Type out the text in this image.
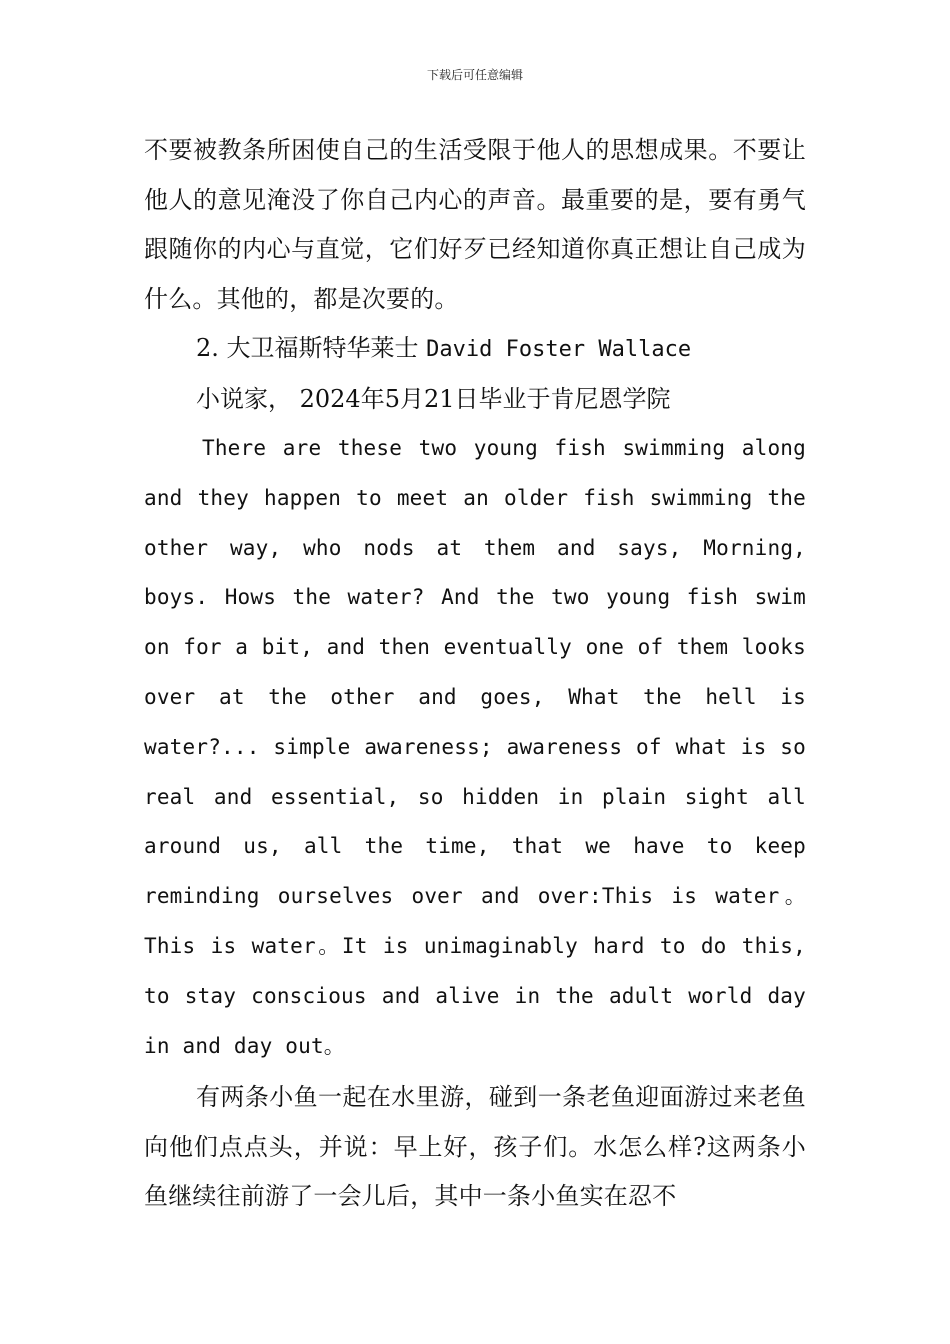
下载后可任意编辑

不要被教条所困使自己的生活受限于他人的思想成果。不要让他人的意见淹没了你自己内心的声音。最重要的是，要有勇气跟随你的内心与直觉，它们好歹已经知道你真正想让自己成为什么。其他的，都是次要的。

2. 大卫福斯特华莱士 David Foster Wallace

小说家， 2024年5月21日毕业于肯尼恩学院

There are these two young fish swimming along and they happen to meet an older fish swimming the other way, who nods at them and says, Morning, boys. Hows the water? And the two young fish swim on for a bit, and then eventually one of them looks over at the other and goes, What the hell is water?... simple awareness; awareness of what is so real and essential, so hidden in plain sight all around us, all the time, that we have to keep reminding ourselves over and over:This is water。This is water。It is unimaginably hard to do this, to stay conscious and alive in the adult world day in and day out。

有两条小鱼一起在水里游，碰到一条老鱼迎面游过来老鱼向他们点点头，并说：早上好，孩子们。水怎么样?这两条小鱼继续往前游了一会儿后，其中一条小鱼实在忍不
